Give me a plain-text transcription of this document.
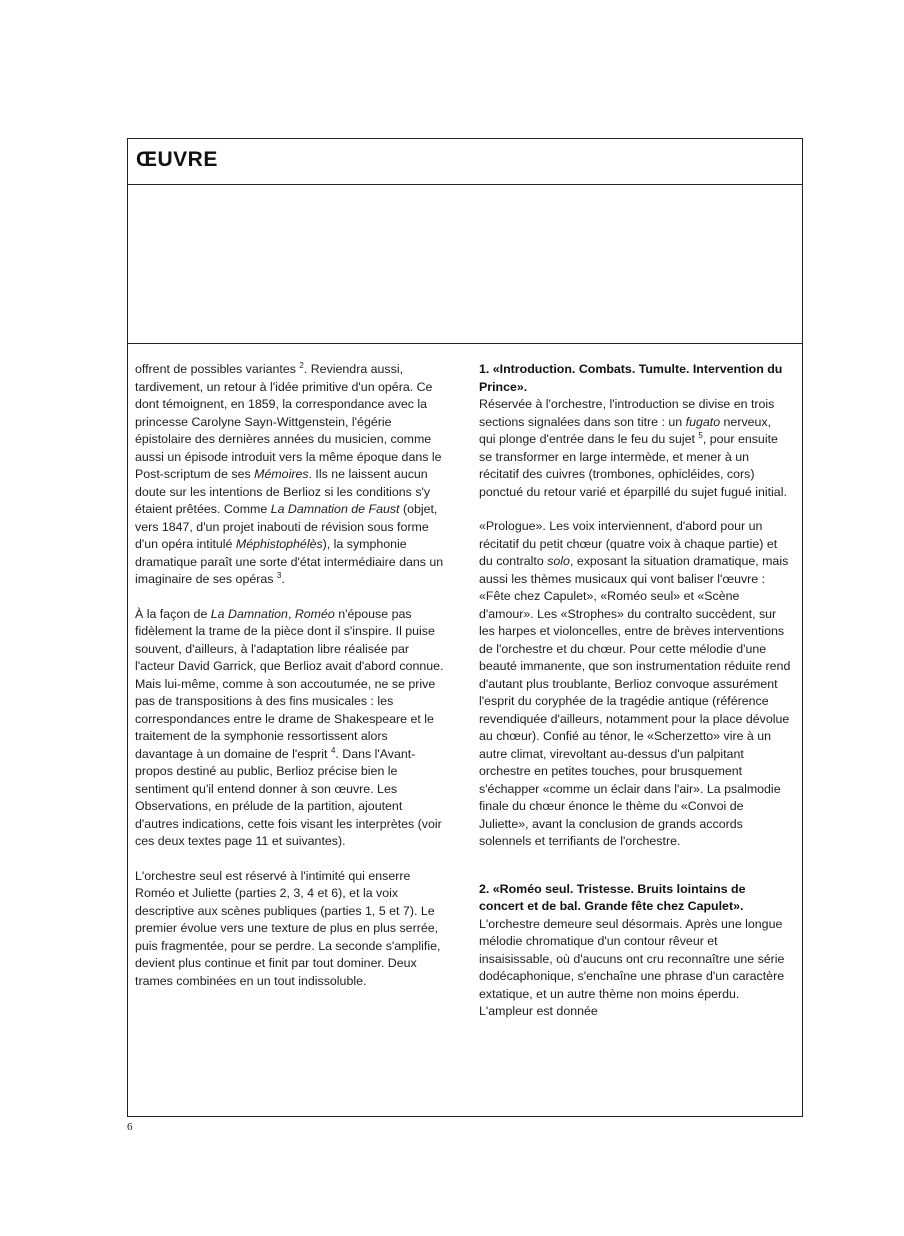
ŒUVRE

offrent de possibles variantes $^2$. Reviendra aussi, tardivement, un retour à l'idée primitive d'un opéra. Ce dont témoignent, en 1859, la correspondance avec la princesse Carolyne Sayn-Wittgenstein, l'égérie épistolaire des dernières années du musicien, comme aussi un épisode introduit vers la même époque dans le Post-scriptum de ses Mémoires. Ils ne laissent aucun doute sur les intentions de Berlioz si les conditions s'y étaient prêtées. Comme La Damnation de Faust (objet, vers 1847, d'un projet inabouti de révision sous forme d'un opéra intitulé Méphistophélès), la symphonie dramatique paraît une sorte d'état intermédiaire dans un imaginaire de ses opéras $^3$.

À la façon de La Damnation, Roméo n'épouse pas fidèlement la trame de la pièce dont il s'inspire. Il puise souvent, d'ailleurs, à l'adaptation libre réalisée par l'acteur David Garrick, que Berlioz avait d'abord connue. Mais lui-même, comme à son accoutumée, ne se prive pas de transpositions à des fins musicales : les correspondances entre le drame de Shakespeare et le traitement de la symphonie ressortissent alors davantage à un domaine de l'esprit $^4$. Dans l'Avant-propos destiné au public, Berlioz précise bien le sentiment qu'il entend donner à son œuvre. Les Observations, en prélude de la partition, ajoutent d'autres indications, cette fois visant les interprètes (voir ces deux textes page 11 et suivantes).

L'orchestre seul est réservé à l'intimité qui enserre Roméo et Juliette (parties 2, 3, 4 et 6), et la voix descriptive aux scènes publiques (parties 1, 5 et 7). Le premier évolue vers une texture de plus en plus serrée, puis fragmentée, pour se perdre. La seconde s'amplifie, devient plus continue et finit par tout dominer. Deux trames combinées en un tout indissoluble.

1. «Introduction. Combats. Tumulte. Intervention du Prince».

Réservée à l'orchestre, l'introduction se divise en trois sections signalées dans son titre : un fugato nerveux, qui plonge d'entrée dans le feu du sujet $^5$, pour ensuite se transformer en large intermède, et mener à un récitatif des cuivres (trombones, ophicléides, cors) ponctué du retour varié et éparpillé du sujet fugué initial.

«Prologue». Les voix interviennent, d'abord pour un récitatif du petit chœur (quatre voix à chaque partie) et du contralto solo, exposant la situation dramatique, mais aussi les thèmes musicaux qui vont baliser l'œuvre : «Fête chez Capulet», «Roméo seul» et «Scène d'amour». Les «Strophes» du contralto succèdent, sur les harpes et violoncelles, entre de brèves interventions de l'orchestre et du chœur. Pour cette mélodie d'une beauté immanente, que son instrumentation réduite rend d'autant plus troublante, Berlioz convoque assurément l'esprit du coryphée de la tragédie antique (référence revendiquée d'ailleurs, notamment pour la place dévolue au chœur). Confié au ténor, le «Scherzetto» vire à un autre climat, virevoltant au-dessus d'un palpitant orchestre en petites touches, pour brusquement s'échapper «comme un éclair dans l'air». La psalmodie finale du chœur énonce le thème du «Convoi de Juliette», avant la conclusion de grands accords solennels et terrifiants de l'orchestre.

2. «Roméo seul. Tristesse. Bruits lointains de concert et de bal. Grande fête chez Capulet».

L'orchestre demeure seul désormais. Après une longue mélodie chromatique d'un contour rêveur et insaisissable, où d'aucuns ont cru reconnaître une série dodécaphonique, s'enchaîne une phrase d'un caractère extatique, et un autre thème non moins éperdu. L'ampleur est donnée

6
